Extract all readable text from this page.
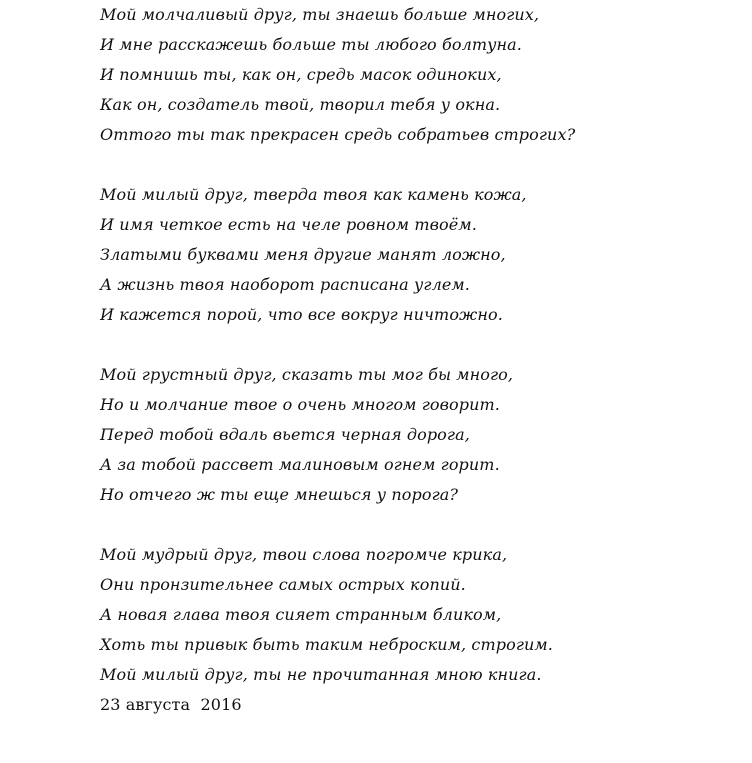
Мой молчаливый друг, ты знаешь больше многих,
И мне расскажешь больше ты любого болтуна.
И помнишь ты, как он, средь масок одиноких,
Как он, создатель твой, творил тебя у окна.
Оттого ты так прекрасен средь собратьев строгих?
Мой милый друг, тверда твоя как камень кожа,
И имя четкое есть на челе ровном твоём.
Златыми буквами меня другие манят ложно,
А жизнь твоя наоборот расписана углем.
И кажется порой, что все вокруг ничтожно.
Мой грустный друг, сказать ты мог бы много,
Но и молчание твое о очень многом говорит.
Перед тобой вдаль вьется черная дорога,
А за тобой рассвет малиновым огнем горит.
Но отчего ж ты еще мнешься у порога?
Мой мудрый друг, твои слова погромче крика,
Они пронзительнее самых острых копий.
А новая глава твоя сияет странным бликом,
Хоть ты привык быть таким неброским, строгим.
Мой милый друг, ты не прочитанная мною книга.
23 августа  2016
